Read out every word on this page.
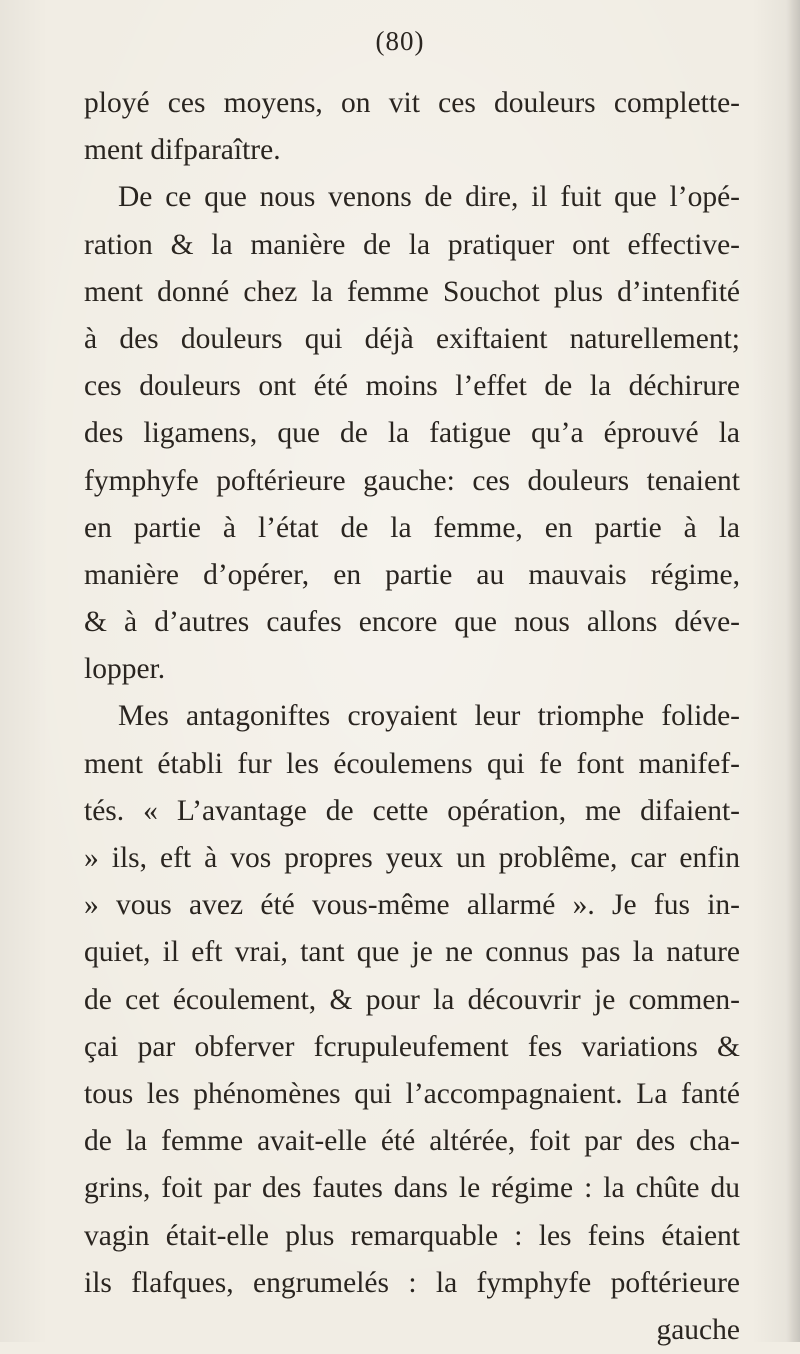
(80)
ployé ces moyens, on vit ces douleurs complette-
ment difparaître.
De ce que nous venons de dire, il fuit que l’opé-
ration & la manière de la pratiquer ont effective-
ment donné chez la femme Souchot plus d’intenfité
à des douleurs qui déjà exiftaient naturellement;
ces douleurs ont été moins l’effet de la déchirure
des ligamens, que de la fatigue qu’a éprouvé la
fymphyfe poftérieure gauche: ces douleurs tenaient
en partie à l’état de la femme, en partie à la
manière d’opérer, en partie au mauvais régime,
& à d’autres caufes encore que nous allons déve-
lopper.
Mes antagoniftes croyaient leur triomphe folide-
ment établi fur les écoulemens qui fe font manifef-
tés. « L’avantage de cette opération, me difaient-
» ils, eft à vos propres yeux un problême, car enfin
» vous avez été vous-même allarmé ». Je fus in-
quiet, il eft vrai, tant que je ne connus pas la nature
de cet écoulement, & pour la découvrir je commen-
çai par obferver fcrupuleufement fes variations &
tous les phénomènes qui l’accompagnaient. La fanté
de la femme avait-elle été altérée, foit par des cha-
grins, foit par des fautes dans le régime : la chûte du
vagin était-elle plus remarquable : les feins étaient
ils flafques, engrumelés : la fymphyfe poftérieure
gauche
